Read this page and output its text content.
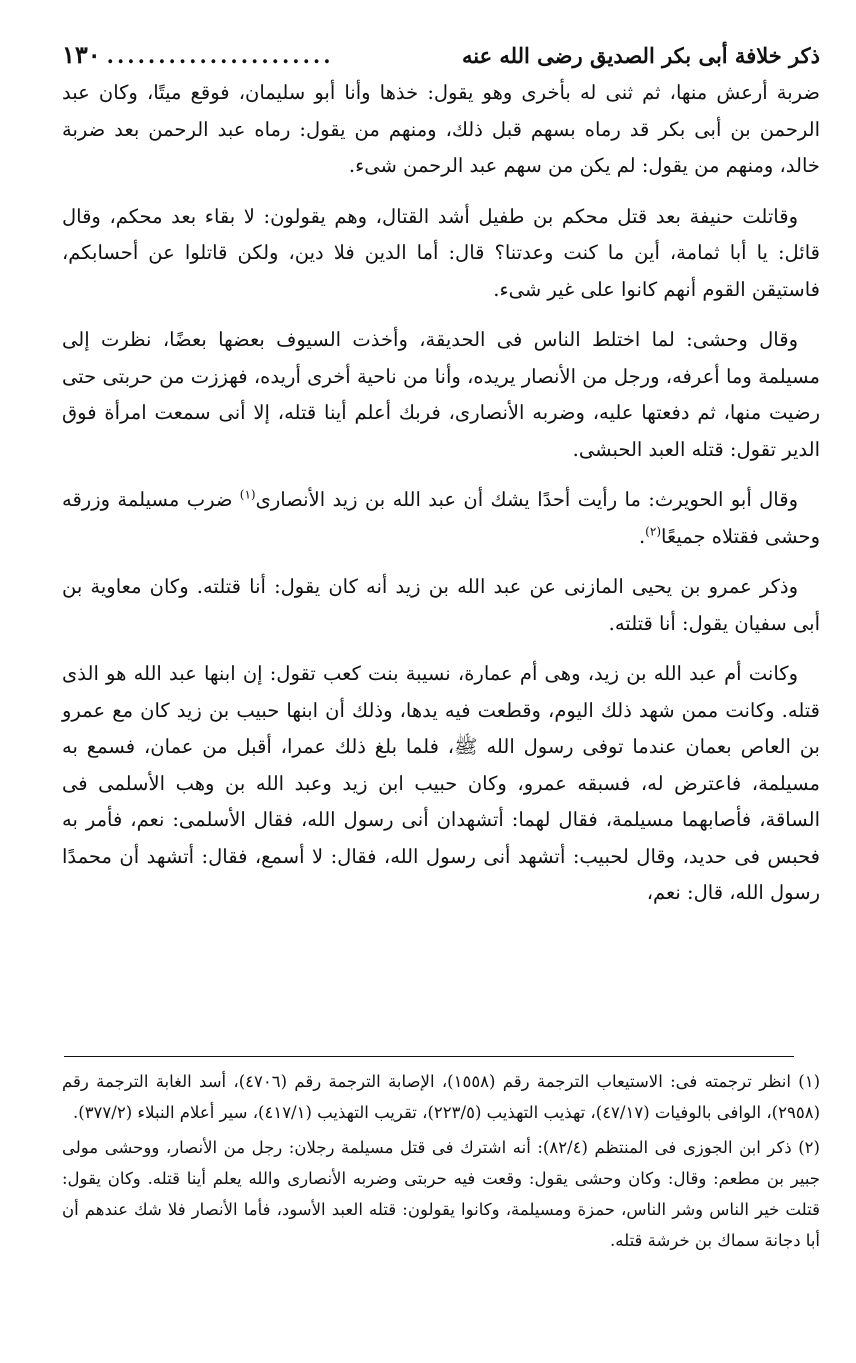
ذكر خلافة أبى بكر الصديق رضى الله عنه
......................
١٣٠

ضربة أرعش منها، ثم ثنى له بأخرى وهو يقول: خذها وأنا أبو سليمان، فوقع ميتًا، وكان عبد الرحمن بن أبى بكر قد رماه بسهم قبل ذلك، ومنهم من يقول: رماه عبد الرحمن بعد ضربة خالد، ومنهم من يقول: لم يكن من سهم عبد الرحمن شىء.

وقاتلت حنيفة بعد قتل محكم بن طفيل أشد القتال، وهم يقولون: لا بقاء بعد محكم، وقال قائل: يا أبا ثمامة، أين ما كنت وعدتنا؟ قال: أما الدين فلا دين، ولكن قاتلوا عن أحسابكم، فاستيقن القوم أنهم كانوا على غير شىء.

وقال وحشى: لما اختلط الناس فى الحديقة، وأخذت السيوف بعضها بعضًا، نظرت إلى مسيلمة وما أعرفه، ورجل من الأنصار يريده، وأنا من ناحية أخرى أريده، فهززت من حربتى حتى رضيت منها، ثم دفعتها عليه، وضربه الأنصارى، فربك أعلم أينا قتله، إلا أنى سمعت امرأة فوق الدير تقول: قتله العبد الحبشى.

وقال أبو الحويرث: ما رأيت أحدًا يشك أن عبد الله بن زيد الأنصارى$^{(١)}$ ضرب مسيلمة وزرقه وحشى فقتلاه جميعًا$^{(٢)}$.

وذكر عمرو بن يحيى المازنى عن عبد الله بن زيد أنه كان يقول: أنا قتلته. وكان معاوية بن أبى سفيان يقول: أنا قتلته.

وكانت أم عبد الله بن زيد، وهى أم عمارة، نسيبة بنت كعب تقول: إن ابنها عبد الله هو الذى قتله. وكانت ممن شهد ذلك اليوم، وقطعت فيه يدها، وذلك أن ابنها حبيب بن زيد كان مع عمرو بن العاص بعمان عندما توفى رسول الله ﷺ، فلما بلغ ذلك عمرا، أقبل من عمان، فسمع به مسيلمة، فاعترض له، فسبقه عمرو، وكان حبيب ابن زيد وعبد الله بن وهب الأسلمى فى الساقة، فأصابهما مسيلمة، فقال لهما: أتشهدان أنى رسول الله، فقال الأسلمى: نعم، فأمر به فحبس فى حديد، وقال لحبيب: أتشهد أنى رسول الله، فقال: لا أسمع، فقال: أتشهد أن محمدًا رسول الله، قال: نعم،

(١) انظر ترجمته فى: الاستيعاب الترجمة رقم (١٥٥٨)، الإصابة الترجمة رقم (٤٧٠٦)، أسد الغابة الترجمة رقم (٢٩٥٨)، الوافى بالوفيات (٤٧/١٧)، تهذيب التهذيب (٢٢٣/٥)، تقريب التهذيب (٤١٧/١)، سير أعلام النبلاء (٣٧٧/٢).

(٢) ذكر ابن الجوزى فى المنتظم (٨٢/٤): أنه اشترك فى قتل مسيلمة رجلان: رجل من الأنصار، ووحشى مولى جبير بن مطعم: وقال: وكان وحشى يقول: وقعت فيه حربتى وضربه الأنصارى والله يعلم أينا قتله. وكان يقول: قتلت خير الناس وشر الناس، حمزة ومسيلمة، وكانوا يقولون: قتله العبد الأسود، فأما الأنصار فلا شك عندهم أن أبا دجانة سماك بن خرشة قتله.
